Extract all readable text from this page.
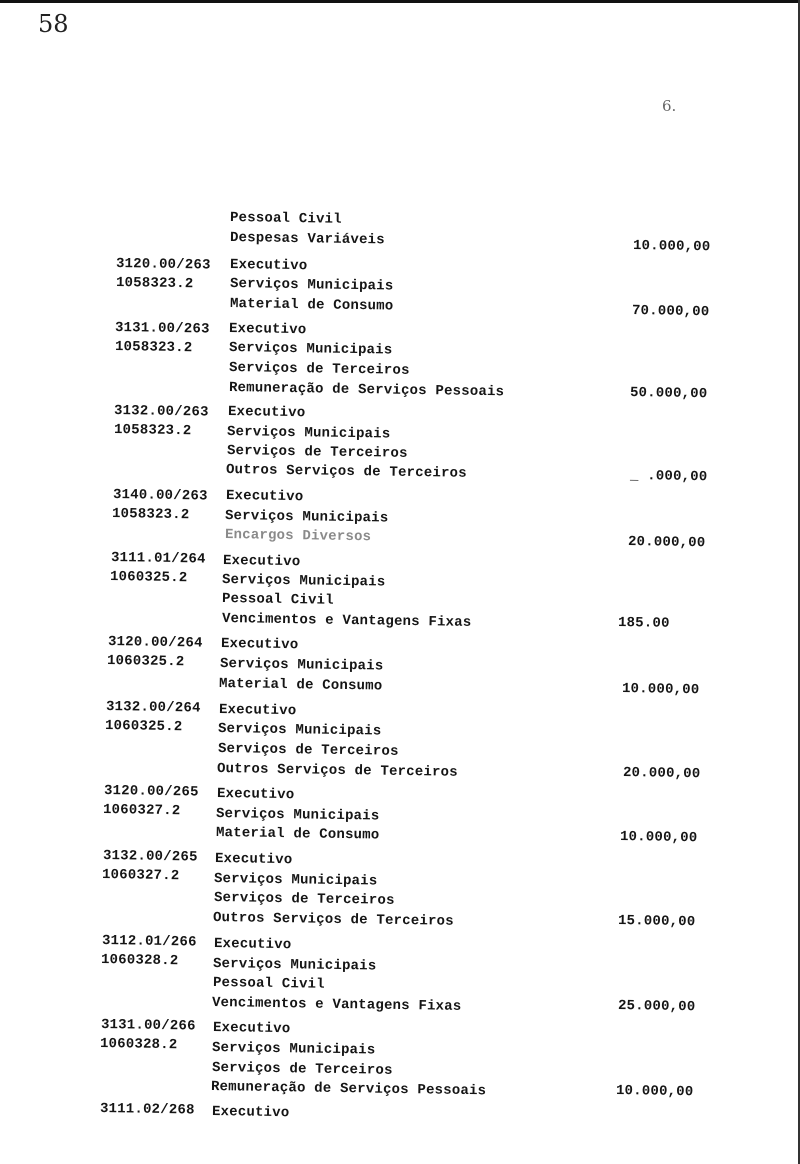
58
6.
Pessoal Civil
Despesas Variáveis	10.000,00
3120.00/263 Executivo
1058323.2	Serviços Municipais
Material de Consumo	70.000,00
3131.00/263 Executivo
1058323.2	Serviços Municipais
Serviços de Terceiros
Remuneração de Serviços Pessoais	50.000,00
3132.00/263 Executivo
1058323.2	Serviços Municipais
Serviços de Terceiros
Outros Serviços de Terceiros	_ .000,00
3140.00/263 Executivo
1058323.2	Serviços Municipais
Encargos Diversos	20.000,00
3111.01/264 Executivo
1060325.2 Serviços Municipais
Pessoal Civil
Vencimentos e Vantagens Fixas	185.00
3120.00/264 Executivo
1060325.2	Serviços Municipais
Material de Consumo	10.000,00
3132.00/264 Executivo
1060325.2	Serviços Municipais
Serviços de Terceiros
Outros Serviços de Terceiros	20.000,00
3120.00/265 Executivo
1060327.2	Serviços Municipais
Material de Consumo	10.000,00
3132.00/265 Executivo
1060327.2 Serviços Municipais
Serviços de Terceiros
Outros Serviços de Terceiros	15.000,00
3112.01/266 Executivo
1060328.2 Serviços Municipais
Pessoal Civil
Vencimentos e Vantagens Fixas	25.000,00
3131.00/266 Executivo
1060328.2 Serviços Municipais
Serviços de Terceiros
Remuneração de Serviços Pessoais	10.000,00
3111.02/268 Executivo
